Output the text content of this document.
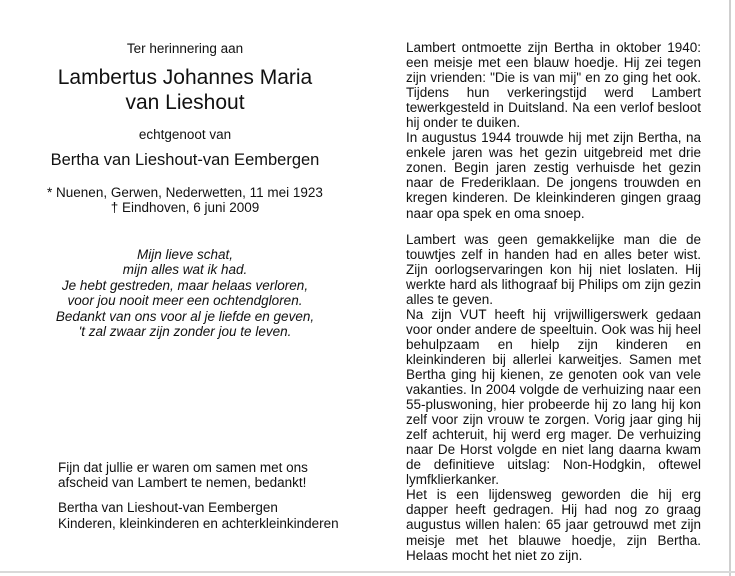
Ter herinnering aan
Lambertus Johannes Maria
van Lieshout
echtgenoot van
Bertha van Lieshout-van Eembergen
* Nuenen, Gerwen, Nederwetten, 11 mei 1923
† Eindhoven, 6 juni 2009
Mijn lieve schat,
mijn alles wat ik had.
Je hebt gestreden, maar helaas verloren,
voor jou nooit meer een ochtendgloren.
Bedankt van ons voor al je liefde en geven,
't zal zwaar zijn zonder jou te leven.
Fijn dat jullie er waren om samen met ons afscheid van Lambert te nemen, bedankt!
Bertha van Lieshout-van Eembergen
Kinderen, kleinkinderen en achterkleinkinderen

Lambert ontmoette zijn Bertha in oktober 1940: een meisje met een blauw hoedje. Hij zei tegen zijn vrienden: "Die is van mij" en zo ging het ook. Tijdens hun verkeringstijd werd Lambert tewerkgesteld in Duitsland. Na een verlof besloot hij onder te duiken.

In augustus 1944 trouwde hij met zijn Bertha, na enkele jaren was het gezin uitgebreid met drie zonen. Begin jaren zestig verhuisde het gezin naar de Frederiklaan. De jongens trouwden en kregen kinderen. De kleinkinderen gingen graag naar opa spek en oma snoep.

Lambert was geen gemakkelijke man die de touwtjes zelf in handen had en alles beter wist. Zijn oorlogservaringen kon hij niet loslaten. Hij werkte hard als lithograaf bij Philips om zijn gezin alles te geven.

Na zijn VUT heeft hij vrijwilligerswerk gedaan voor onder andere de speeltuin. Ook was hij heel behulpzaam en hielp zijn kinderen en kleinkinderen bij allerlei karweitjes. Samen met Bertha ging hij kienen, ze genoten ook van vele vakanties. In 2004 volgde de verhuizing naar een 55-pluswoning, hier probeerde hij zo lang hij kon zelf voor zijn vrouw te zorgen. Vorig jaar ging hij zelf achteruit, hij werd erg mager. De verhuizing naar De Horst volgde en niet lang daarna kwam de definitieve uitslag: Non-Hodgkin, oftewel lymfklierkanker.

Het is een lijdensweg geworden die hij erg dapper heeft gedragen. Hij had nog zo graag augustus willen halen: 65 jaar getrouwd met zijn meisje met het blauwe hoedje, zijn Bertha. Helaas mocht het niet zo zijn.
